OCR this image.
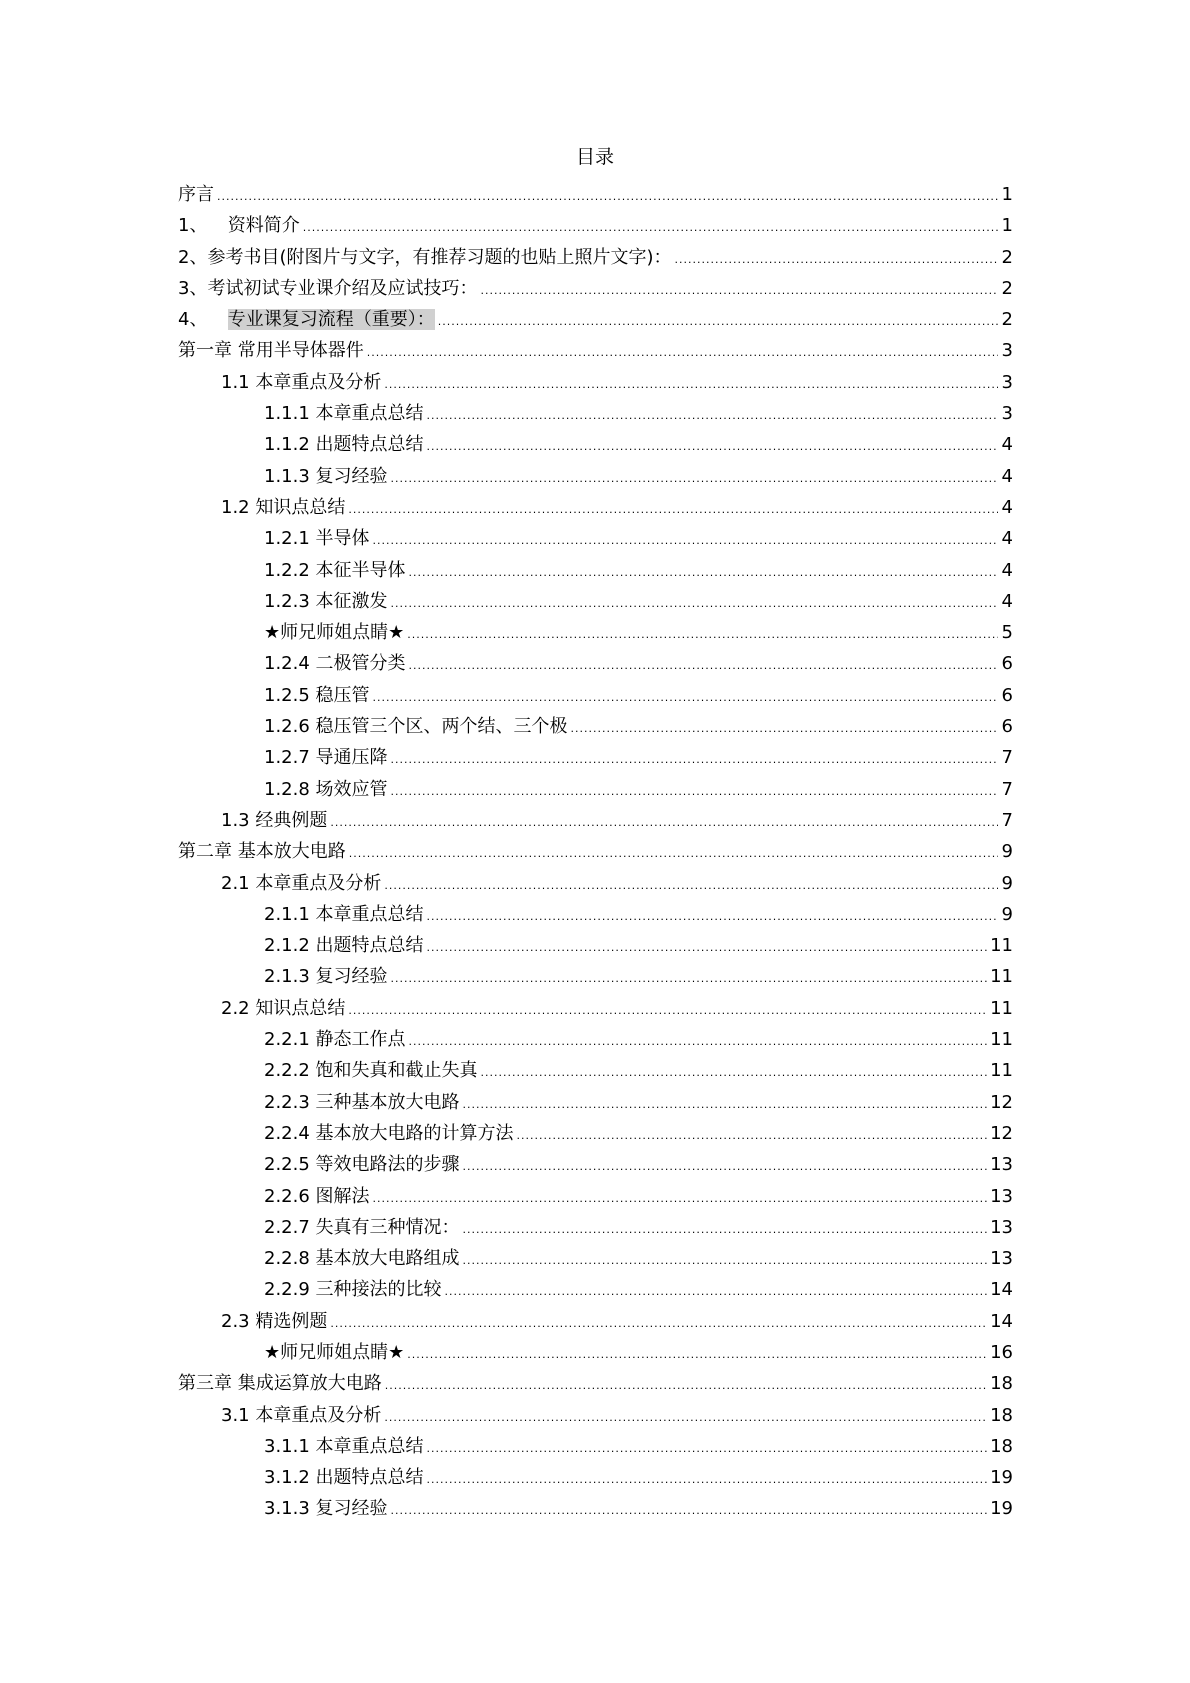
目录
序言 .....	1
1、 资料简介 .....	1
2、参考书目(附图片与文字，有推荐习题的也贴上照片文字)： .....	2
3、考试初试专业课介绍及应试技巧： .....	2
4、 专业课复习流程（重要）： .....	2
第一章 常用半导体器件 .....	3
1.1 本章重点及分析 .....	3
1.1.1 本章重点总结 .....	3
1.1.2 出题特点总结 .....	4
1.1.3 复习经验 .....	4
1.2 知识点总结 .....	4
1.2.1 半导体 .....	4
1.2.2 本征半导体 .....	4
1.2.3 本征激发 .....	4
★师兄师姐点睛★ .....	5
1.2.4 二极管分类 .....	6
1.2.5 稳压管 .....	6
1.2.6 稳压管三个区、两个结、三个极 .....	6
1.2.7 导通压降 .....	7
1.2.8 场效应管 .....	7
1.3 经典例题 .....	7
第二章 基本放大电路 .....	9
2.1 本章重点及分析 .....	9
2.1.1 本章重点总结 .....	9
2.1.2 出题特点总结 .....	11
2.1.3 复习经验 .....	11
2.2 知识点总结 .....	11
2.2.1 静态工作点 .....	11
2.2.2 饱和失真和截止失真 .....	11
2.2.3 三种基本放大电路 .....	12
2.2.4 基本放大电路的计算方法 .....	12
2.2.5 等效电路法的步骤 .....	13
2.2.6 图解法 .....	13
2.2.7 失真有三种情况： .....	13
2.2.8 基本放大电路组成 .....	13
2.2.9 三种接法的比较 .....	14
2.3 精选例题 .....	14
★师兄师姐点睛★ .....	16
第三章 集成运算放大电路 .....	18
3.1 本章重点及分析 .....	18
3.1.1 本章重点总结 .....	18
3.1.2 出题特点总结 .....	19
3.1.3 复习经验 .....	19
